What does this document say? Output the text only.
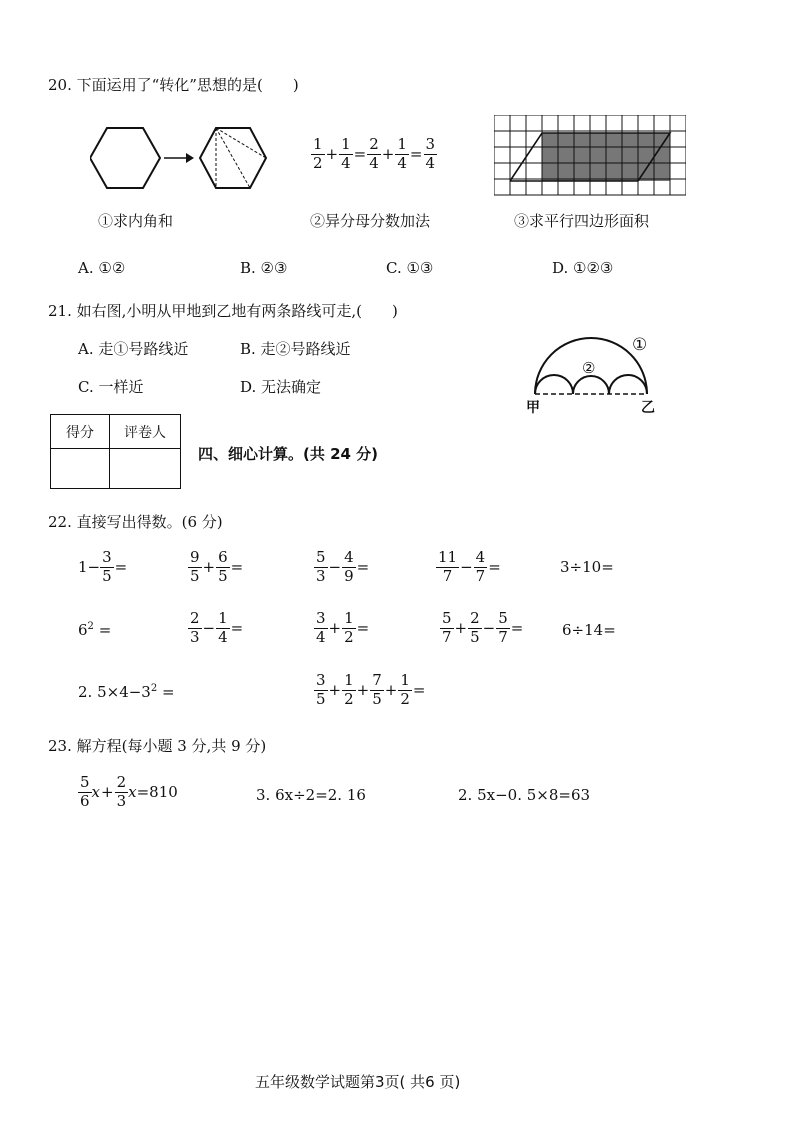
20. 下面运用了“转化”思想的是(　　)
$\frac{1}{2} + \frac{1}{4} = \frac{2}{4} + \frac{1}{4} = \frac{3}{4}$
①求内角和	②异分母分数加法	③求平行四边形面积
A. ①②	B. ②③	C. ①③	D. ①②③
21. 如右图,小明从甲地到乙地有两条路线可走,(　　)
A. 走①号路线近	B. 走②号路线近
C. 一样近	D. 无法确定
①
②
甲	乙
得分	评卷人

四、细心计算。(共 24 分)
22. 直接写出得数。(6 分)
$1- \frac{3}{5}$ =	$\frac{9}{5} + \frac{6}{5}$ =	$\frac{5}{3} - \frac{4}{9}$ =	$\frac{11}{7} - \frac{4}{7}$ =	3÷10=
$6^2$ =	$\frac{2}{3} - \frac{1}{4}$ =	$\frac{3}{4} + \frac{1}{2}$ =	$\frac{5}{7} + \frac{2}{5} - \frac{5}{7}$ =	6÷14=
2. $5\times 4-3^2$ =	$\frac{3}{5} + \frac{1}{2} + \frac{7}{5} + \frac{1}{2}$ =
23. 解方程(每小题 3 分,共 9 分)
$\frac{5}{6}$ $x + \frac{2}{3}$ x =810	3. 6x÷2=2. 16	2. 5x−0. 5×8=63
五年级数学试题第3页( 共6 页)
